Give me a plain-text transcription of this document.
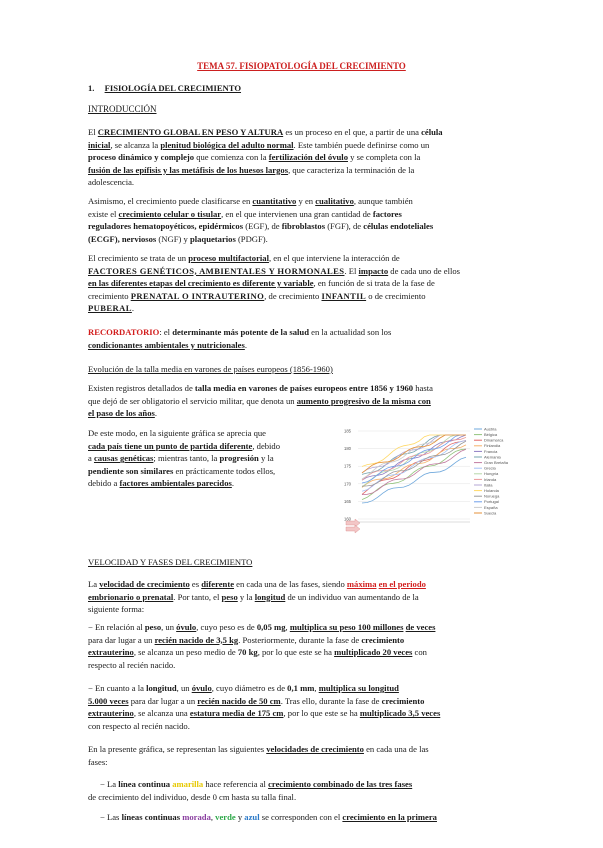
TEMA 57. FISIOPATOLOGÍA DEL CRECIMIENTO
1. FISIOLOGÍA DEL CRECIMIENTO
INTRODUCCIÓN
El CRECIMIENTO GLOBAL EN PESO Y ALTURA es un proceso en el que, a partir de una célula
inicial, se alcanza la plenitud biológica del adulto normal. Este también puede definirse como un
proceso dinámico y complejo que comienza con la fertilización del óvulo y se completa con la
fusión de las epífisis y las metáfisis de los huesos largos, que caracteriza la terminación de la
adolescencia.
Asimismo, el crecimiento puede clasificarse en cuantitativo y en cualitativo, aunque también
existe el crecimiento celular o tisular, en el que intervienen una gran cantidad de factores
reguladores hematopoyéticos, epidérmicos (EGF), de fibroblastos (FGF), de células endoteliales
(ECGF), nerviosos (NGF) y plaquetarios (PDGF).
El crecimiento se trata de un proceso multifactorial, en el que interviene la interacción de
FACTORES GENÉTICOS, AMBIENTALES Y HORMONALES. El impacto de cada uno de ellos
en las diferentes etapas del crecimiento es diferente y variable, en función de si trata de la fase de
crecimiento PRENATAL O INTRAUTERINO, de crecimiento INFANTIL o de crecimiento
PUBERAL.
RECORDATORIO: el determinante más potente de la salud en la actualidad son los
condicionantes ambientales y nutricionales.
Evolución de la talla media en varones de países europeos (1856-1960)
Existen registros detallados de talla media en varones de países europeos entre 1856 y 1960 hasta
que dejó de ser obligatorio el servicio militar, que denota un aumento progresivo de la misma con
el paso de los años.
De este modo, en la siguiente gráfica se aprecia que
cada país tiene un punto de partida diferente, debido
a causas genéticas; mientras tanto, la progresión y la
pendiente son similares en prácticamente todos ellos,
debido a factores ambientales parecidos.
185
180
175
170
165
160
Austria
Bélgica
Dinamarca
Finlandia
Francia
Alemania
Gran Bretaña
Grecia
Hungría
Irlanda
Italia
Holanda
Noruega
Portugal
España
Suecia
VELOCIDAD Y FASES DEL CRECIMIENTO
La velocidad de crecimiento es diferente en cada una de las fases, siendo máxima en el periodo
embrionario o prenatal. Por tanto, el peso y la longitud de un individuo van aumentando de la
siguiente forma:
− En relación al peso, un óvulo, cuyo peso es de 0,05 mg, multiplica su peso 100 millones de veces
para dar lugar a un recién nacido de 3,5 kg. Posteriormente, durante la fase de crecimiento
extrauterino, se alcanza un peso medio de 70 kg, por lo que este se ha multiplicado 20 veces con
respecto al recién nacido.
− En cuanto a la longitud, un óvulo, cuyo diámetro es de 0,1 mm, multiplica su longitud
5.000 veces para dar lugar a un recién nacido de 50 cm. Tras ello, durante la fase de crecimiento
extrauterino, se alcanza una estatura media de 175 cm, por lo que este se ha multiplicado 3,5 veces
con respecto al recién nacido.
En la presente gráfica, se representan las siguientes velocidades de crecimiento en cada una de las
fases:
− La línea continua amarilla hace referencia al crecimiento combinado de las tres fases
de crecimiento del individuo, desde 0 cm hasta su talla final.
− Las líneas continuas morada, verde y azul se corresponden con el crecimiento en la primera
